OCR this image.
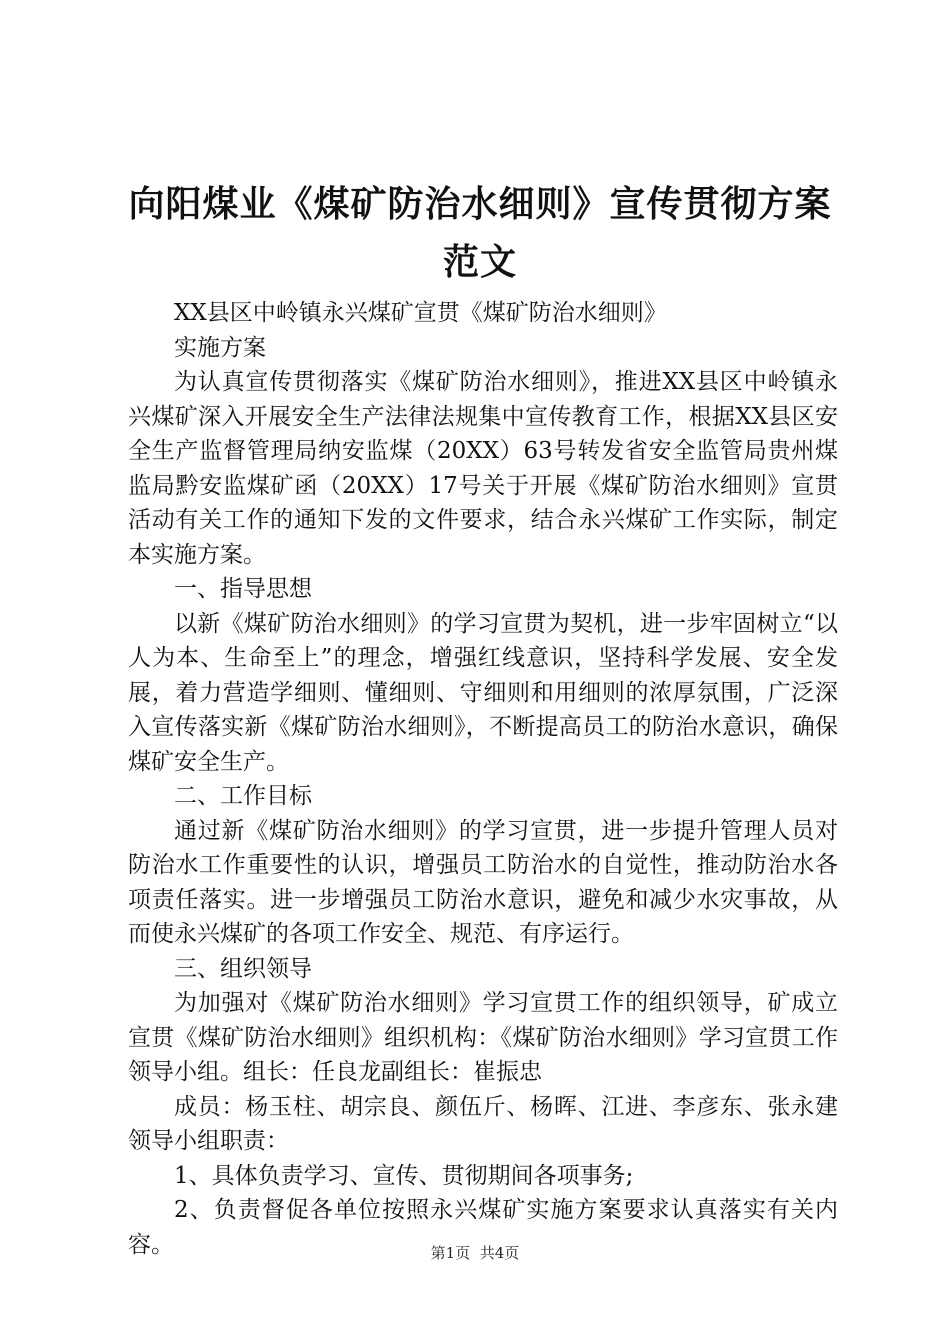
向阳煤业《煤矿防治水细则》宣传贯彻方案范文

XX县区中岭镇永兴煤矿宣贯《煤矿防治水细则》

实施方案

为认真宣传贯彻落实《煤矿防治水细则》，推进XX县区中岭镇永兴煤矿深入开展安全生产法律法规集中宣传教育工作，根据XX县区安全生产监督管理局纳安监煤（20XX）63号转发省安全监管局贵州煤监局黔安监煤矿函（20XX）17号关于开展《煤矿防治水细则》宣贯活动有关工作的通知下发的文件要求，结合永兴煤矿工作实际，制定本实施方案。

一、指导思想

以新《煤矿防治水细则》的学习宣贯为契机，进一步牢固树立“以人为本、生命至上”的理念，增强红线意识，坚持科学发展、安全发展，着力营造学细则、懂细则、守细则和用细则的浓厚氛围，广泛深入宣传落实新《煤矿防治水细则》，不断提高员工的防治水意识，确保煤矿安全生产。

二、工作目标

通过新《煤矿防治水细则》的学习宣贯，进一步提升管理人员对防治水工作重要性的认识，增强员工防治水的自觉性，推动防治水各项责任落实。进一步增强员工防治水意识，避免和减少水灾事故，从而使永兴煤矿的各项工作安全、规范、有序运行。

三、组织领导

为加强对《煤矿防治水细则》学习宣贯工作的组织领导，矿成立宣贯《煤矿防治水细则》组织机构：《煤矿防治水细则》学习宣贯工作领导小组。组长：任良龙副组长：崔振忠

成员：杨玉柱、胡宗良、颜伍斤、杨晖、江进、李彦东、张永建领导小组职责：

1、具体负责学习、宣传、贯彻期间各项事务;

2、负责督促各单位按照永兴煤矿实施方案要求认真落实有关内容。	第1页 共4页
